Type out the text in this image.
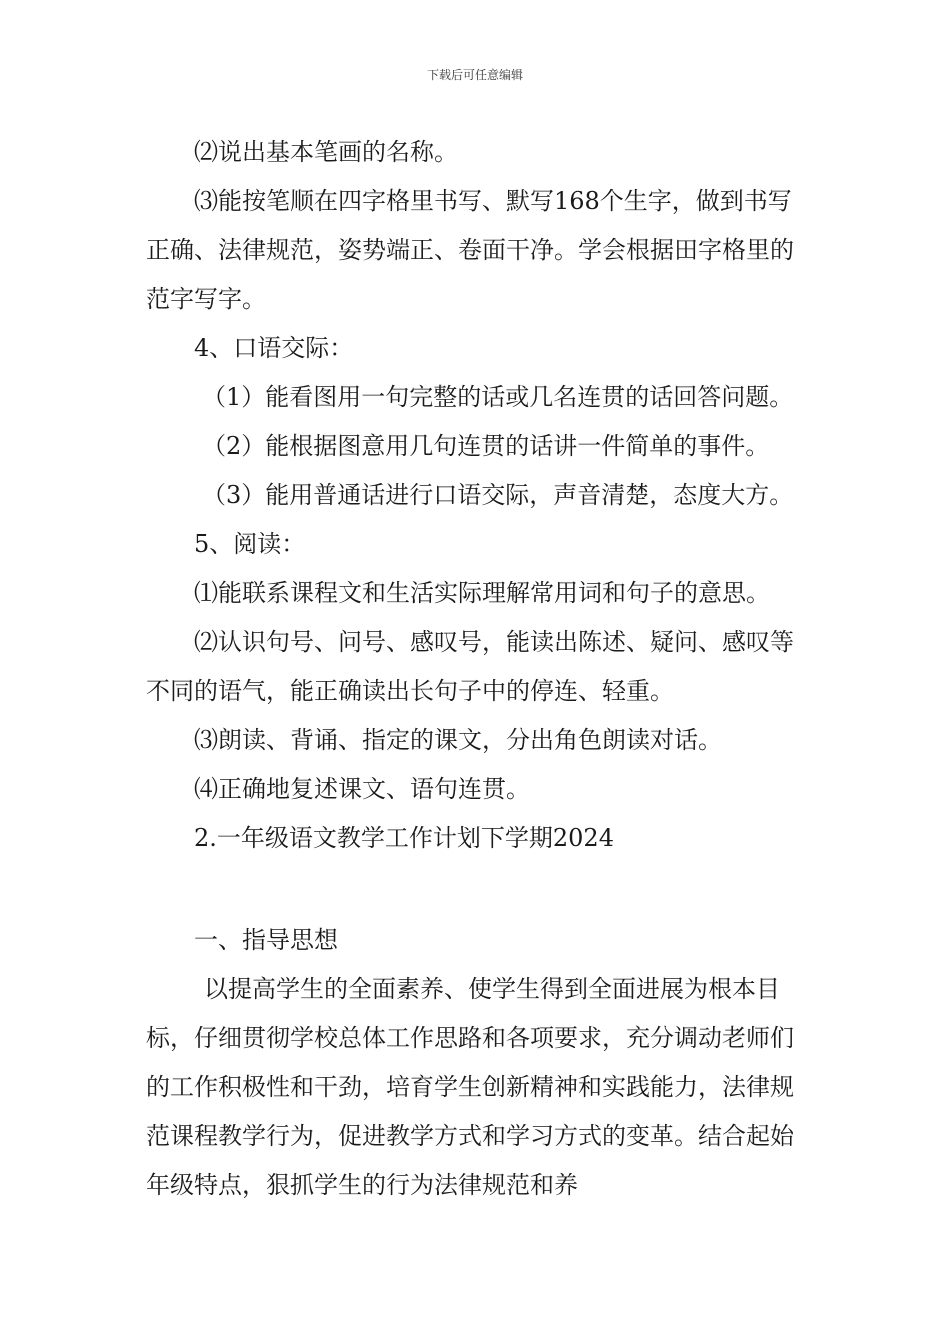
下载后可任意编辑

⑵说出基本笔画的名称。

⑶能按笔顺在四字格里书写、默写168个生字，做到书写正确、法律规范，姿势端正、卷面干净。学会根据田字格里的范字写字。

4、口语交际：

（1）能看图用一句完整的话或几名连贯的话回答问题。

（2）能根据图意用几句连贯的话讲一件简单的事件。

（3）能用普通话进行口语交际，声音清楚，态度大方。

5、阅读：

⑴能联系课程文和生活实际理解常用词和句子的意思。

⑵认识句号、问号、感叹号，能读出陈述、疑问、感叹等不同的语气，能正确读出长句子中的停连、轻重。

⑶朗读、背诵、指定的课文，分出角色朗读对话。

⑷正确地复述课文、语句连贯。

2.一年级语文教学工作计划下学期2024

一、指导思想

以提高学生的全面素养、使学生得到全面进展为根本目标，仔细贯彻学校总体工作思路和各项要求，充分调动老师们的工作积极性和干劲，培育学生创新精神和实践能力，法律规范课程教学行为，促进教学方式和学习方式的变革。结合起始年级特点，狠抓学生的行为法律规范和养
